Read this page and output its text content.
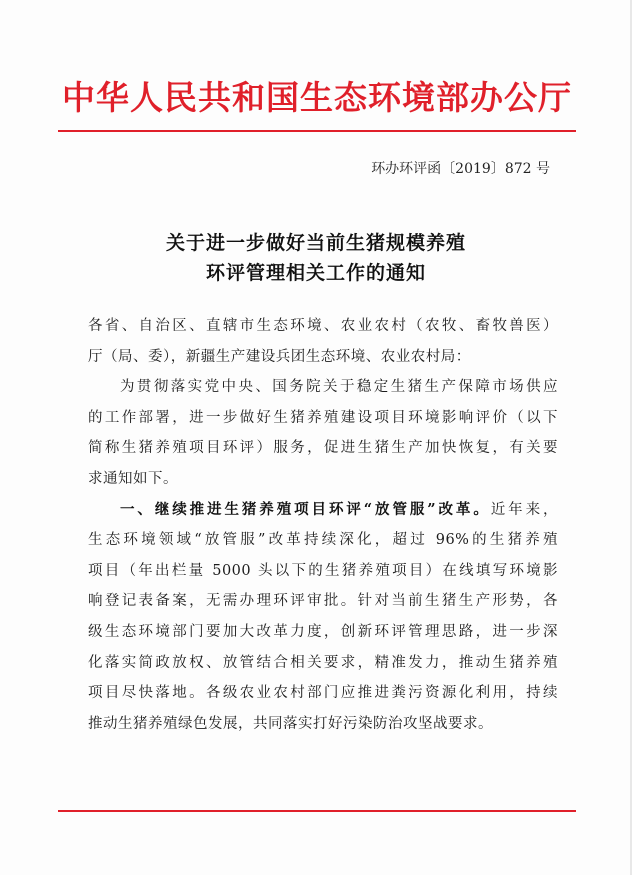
中华人民共和国生态环境部办公厅
环办环评函〔2019〕872 号
关于进一步做好当前生猪规模养殖
环评管理相关工作的通知
各省、自治区、直辖市生态环境、农业农村（农牧、畜牧兽医）
厅（局、委），新疆生产建设兵团生态环境、农业农村局：
为贯彻落实党中央、国务院关于稳定生猪生产保障市场供应
的工作部署，进一步做好生猪养殖建设项目环境影响评价（以下
简称生猪养殖项目环评）服务，促进生猪生产加快恢复，有关要
求通知如下。
一、继续推进生猪养殖项目环评“放管服”改革。近年来，
生态环境领域“放管服”改革持续深化，超过 96%的生猪养殖
项目（年出栏量 5000 头以下的生猪养殖项目）在线填写环境影
响登记表备案，无需办理环评审批。针对当前生猪生产形势，各
级生态环境部门要加大改革力度，创新环评管理思路，进一步深
化落实简政放权、放管结合相关要求，精准发力，推动生猪养殖
项目尽快落地。各级农业农村部门应推进粪污资源化利用，持续
推动生猪养殖绿色发展，共同落实打好污染防治攻坚战要求。
